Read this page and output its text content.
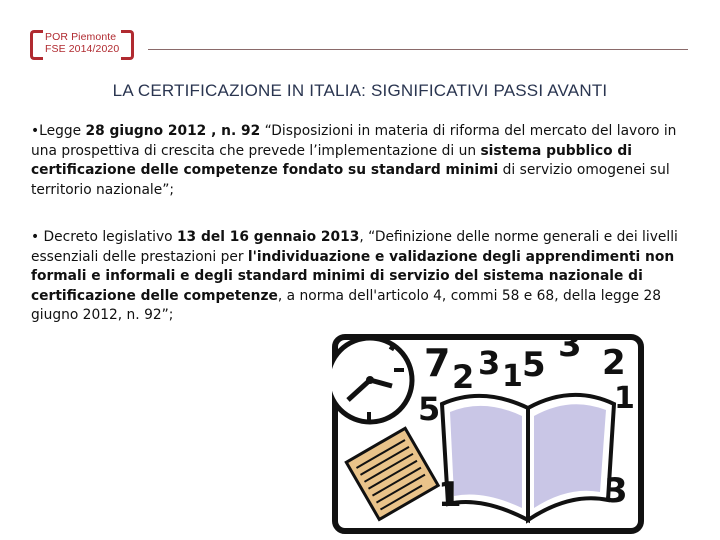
POR Piemonte
FSE 2014/2020
LA CERTIFICAZIONE IN ITALIA: SIGNIFICATIVI PASSI AVANTI
•Legge 28 giugno 2012 , n. 92 “Disposizioni in materia di riforma del mercato del lavoro in una prospettiva di crescita che prevede l’implementazione di un sistema pubblico di certificazione delle competenze fondato su standard minimi di servizio omogenei sul territorio nazionale”;
• Decreto legislativo 13 del 16 gennaio 2013, “Definizione delle norme generali e dei livelli essenziali delle prestazioni per l'individuazione e validazione degli apprendimenti non formali e informali e degli standard minimi di servizio del sistema nazionale di certificazione delle competenze, a norma dell'articolo 4, commi 58 e 68, della legge 28 giugno 2012, n. 92”;
7 2 3 1 5 3 2
1
5
1	3
